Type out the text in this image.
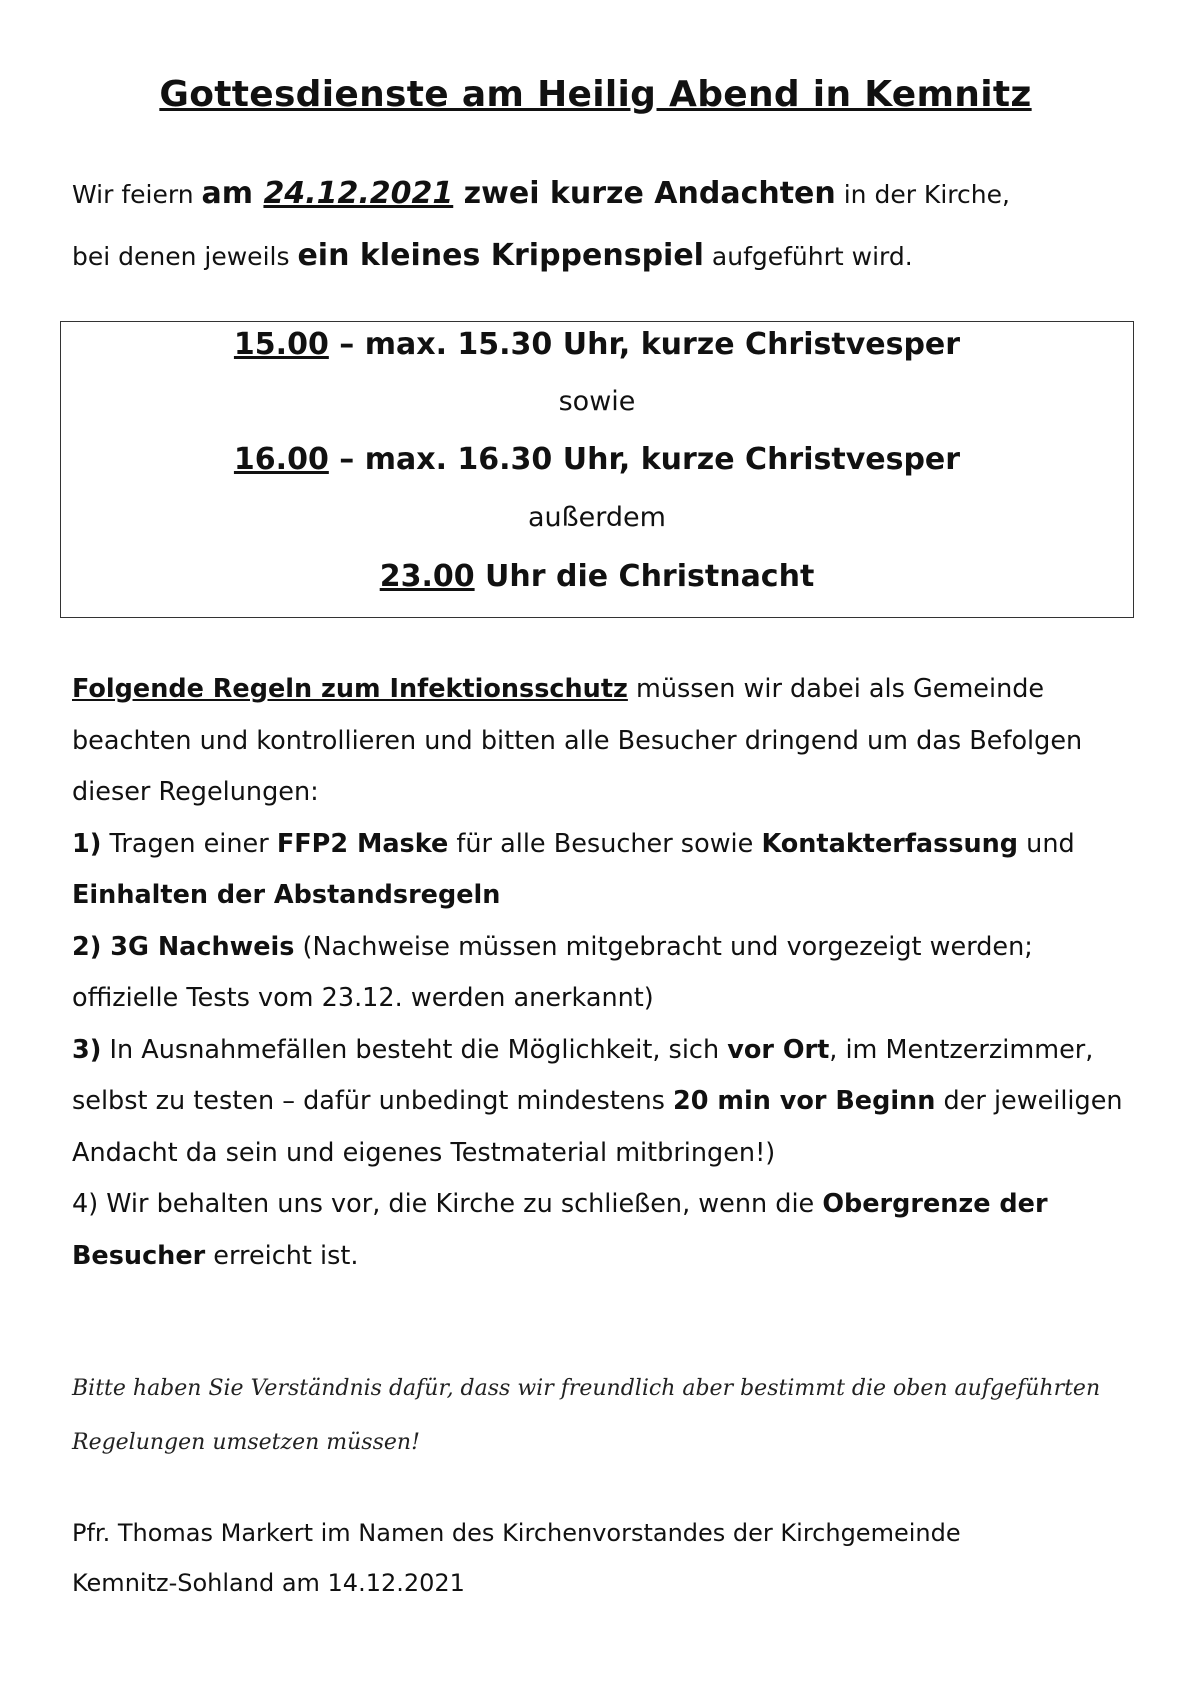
Gottesdienste am Heilig Abend in Kemnitz
Wir feiern am 24.12.2021 zwei kurze Andachten in der Kirche,
bei denen jeweils ein kleines Krippenspiel aufgeführt wird.
15.00 – max. 15.30 Uhr, kurze Christvesper
sowie
16.00 – max. 16.30 Uhr, kurze Christvesper
außerdem
23.00 Uhr die Christnacht

Folgende Regeln zum Infektionsschutz müssen wir dabei als Gemeinde beachten und kontrollieren und bitten alle Besucher dringend um das Befolgen dieser Regelungen:

1) Tragen einer FFP2 Maske für alle Besucher sowie Kontakterfassung und Einhalten der Abstandsregeln

2) 3G Nachweis (Nachweise müssen mitgebracht und vorgezeigt werden; offizielle Tests vom 23.12. werden anerkannt)

3) In Ausnahmefällen besteht die Möglichkeit, sich vor Ort, im Mentzerzimmer, selbst zu testen – dafür unbedingt mindestens 20 min vor Beginn der jeweiligen Andacht da sein und eigenes Testmaterial mitbringen!)

4) Wir behalten uns vor, die Kirche zu schließen, wenn die Obergrenze der Besucher erreicht ist.

Bitte haben Sie Verständnis dafür, dass wir freundlich aber bestimmt die oben aufgeführten Regelungen umsetzen müssen!

Pfr. Thomas Markert im Namen des Kirchenvorstandes der Kirchgemeinde

Kemnitz-Sohland am 14.12.2021
